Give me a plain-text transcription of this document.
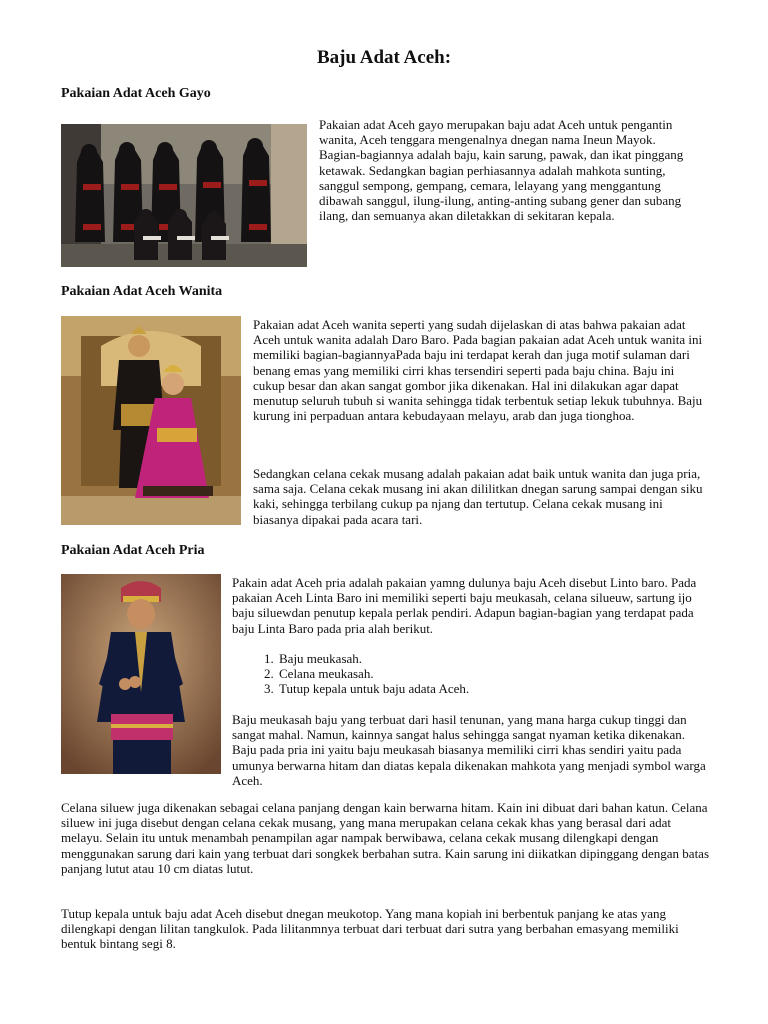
Baju Adat Aceh:
Pakaian Adat Aceh Gayo

Pakaian adat Aceh gayo merupakan baju adat Aceh untuk pengantin wanita, Aceh tenggara mengenalnya dnegan nama Ineun Mayok. Bagian-bagiannya adalah baju, kain sarung, pawak, dan ikat pinggang ketawak. Sedangkan bagian perhiasannya adalah mahkota sunting, sanggul sempong, gempang, cemara, lelayang yang menggantung dibawah sanggul, ilung-ilung, anting-anting subang gener dan subang ilang, dan semuanya akan diletakkan di sekitaran kepala.

Pakaian Adat Aceh Wanita

Pakaian adat Aceh wanita seperti yang sudah dijelaskan di atas bahwa pakaian adat Aceh untuk wanita adalah Daro Baro. Pada bagian pakaian adat Aceh untuk wanita ini memiliki bagian-bagiannyaPada baju ini terdapat kerah dan juga motif sulaman dari benang emas yang memiliki cirri khas tersendiri seperti pada baju china. Baju ini cukup besar dan akan sangat gombor jika dikenakan. Hal ini dilakukan agar dapat menutup seluruh tubuh si wanita sehingga tidak terbentuk setiap lekuk tubuhnya. Baju kurung ini perpaduan antara kebudayaan melayu, arab dan juga tionghoa.

Sedangkan celana cekak musang adalah pakaian adat baik untuk wanita dan juga pria, sama saja. Celana cekak musang ini akan dililitkan dnegan sarung sampai dengan siku kaki, sehingga terbilang cukup pa njang dan tertutup. Celana cekak musang ini biasanya dipakai pada acara tari.

Pakaian Adat Aceh Pria

Pakain adat Aceh pria adalah pakaian yamng dulunya baju Aceh disebut Linto baro. Pada pakaian Aceh Linta Baro ini memiliki seperti baju meukasah, celana silueuw, sartung ijo baju siluewdan penutup kepala perlak pendiri. Adapun bagian-bagian yang terdapat pada baju Linta Baro pada pria alah berikut.

1. Baju meukasah.
2. Celana meukasah.
3. Tutup kepala untuk baju adata Aceh.

Baju meukasah baju yang terbuat dari hasil tenunan, yang mana harga cukup tinggi dan sangat mahal. Namun, kainnya sangat halus sehingga sangat nyaman ketika dikenakan. Baju pada pria ini yaitu baju meukasah biasanya memiliki cirri khas sendiri yaitu pada umunya berwarna hitam dan diatas kepala dikenakan mahkota yang menjadi symbol warga Aceh.

Celana siluew juga dikenakan sebagai celana panjang dengan kain berwarna hitam. Kain ini dibuat dari bahan katun. Celana siluew ini juga disebut dengan celana cekak musang, yang mana merupakan celana cekak khas yang berasal dari adat melayu. Selain itu untuk menambah penampilan agar nampak berwibawa, celana cekak musang dilengkapi dengan menggunakan sarung dari kain yang terbuat dari songkek berbahan sutra. Kain sarung ini diikatkan dipinggang dengan batas panjang lutut atau 10 cm diatas lutut.

Tutup kepala untuk baju adat Aceh disebut dnegan meukotop. Yang mana kopiah ini berbentuk panjang ke atas yang dilengkapi dengan lilitan tangkulok. Pada lilitanmnya terbuat dari terbuat dari sutra yang berbahan emasyang memiliki bentuk bintang segi 8.
